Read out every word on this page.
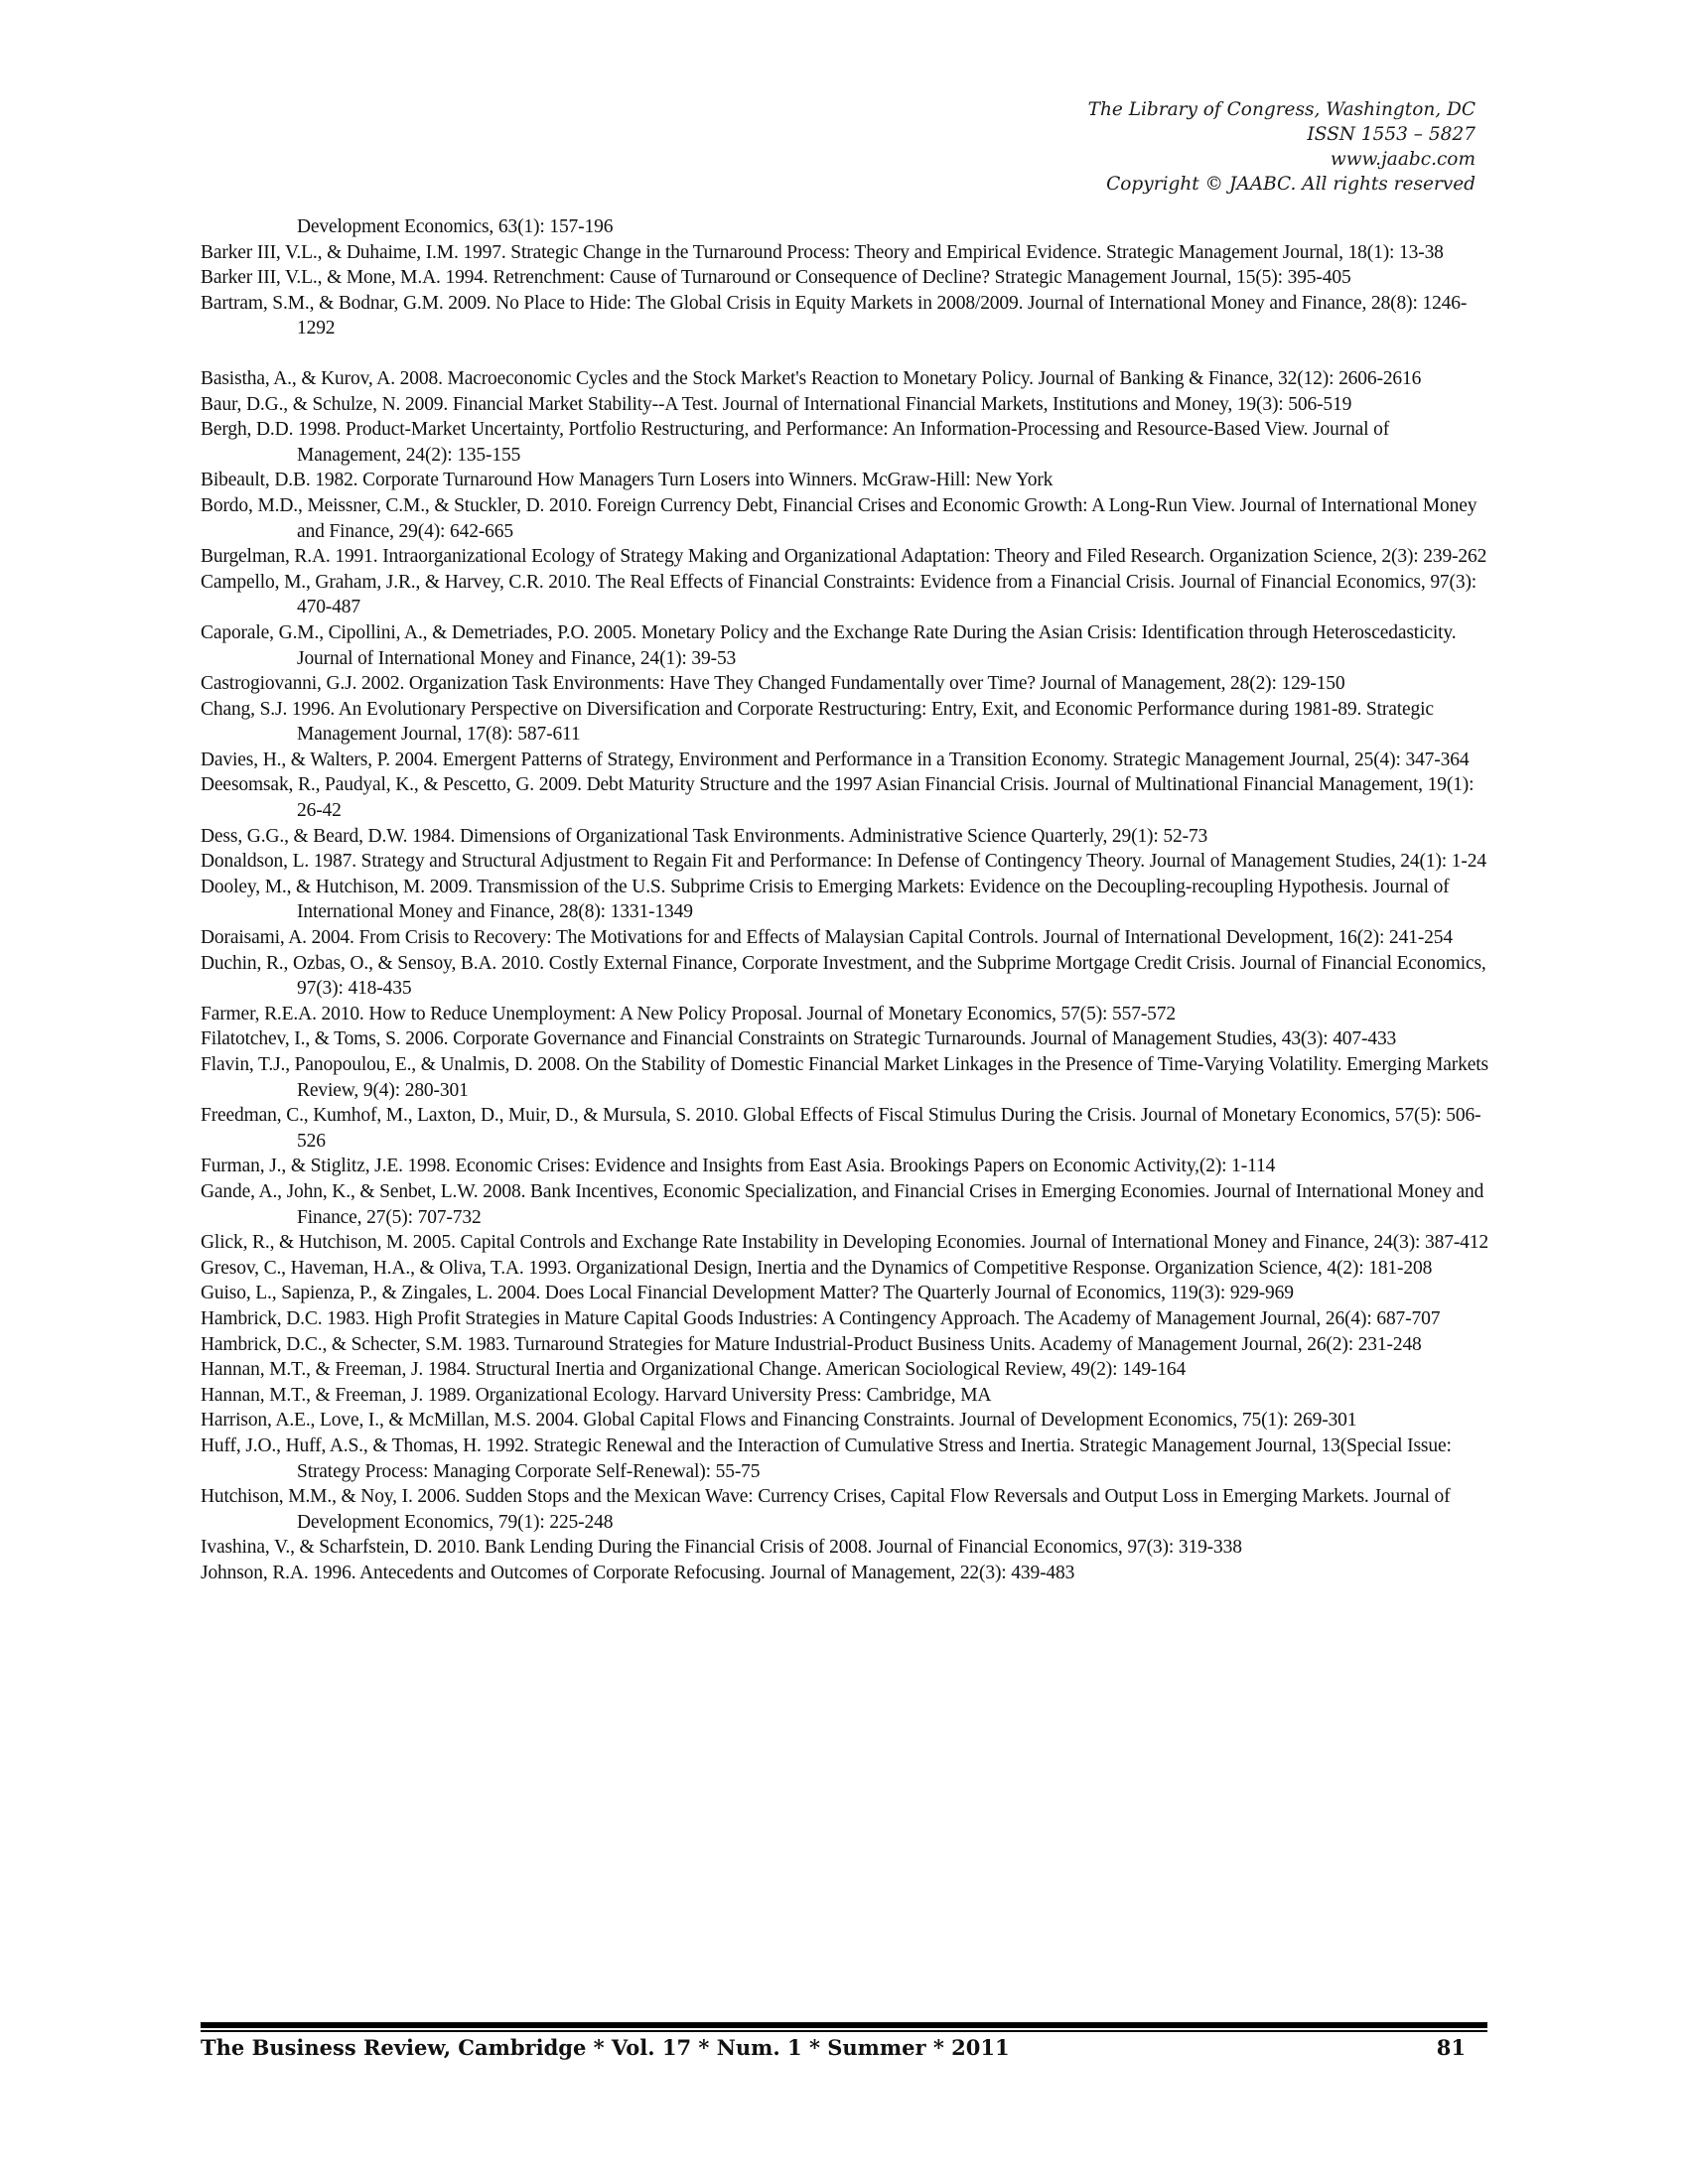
The Library of Congress, Washington, DC
ISSN 1553 – 5827
www.jaabc.com
Copyright © JAABC. All rights reserved

Development Economics, 63(1): 157-196

Barker III, V.L., & Duhaime, I.M. 1997. Strategic Change in the Turnaround Process: Theory and Empirical Evidence. Strategic Management Journal, 18(1): 13-38

Barker III, V.L., & Mone, M.A. 1994. Retrenchment: Cause of Turnaround or Consequence of Decline? Strategic Management Journal, 15(5): 395-405

Bartram, S.M., & Bodnar, G.M. 2009. No Place to Hide: The Global Crisis in Equity Markets in 2008/2009. Journal of International Money and Finance, 28(8): 1246-1292

Basistha, A., & Kurov, A. 2008. Macroeconomic Cycles and the Stock Market's Reaction to Monetary Policy. Journal of Banking & Finance, 32(12): 2606-2616

Baur, D.G., & Schulze, N. 2009. Financial Market Stability--A Test. Journal of International Financial Markets, Institutions and Money, 19(3): 506-519

Bergh, D.D. 1998. Product-Market Uncertainty, Portfolio Restructuring, and Performance: An Information-Processing and Resource-Based View. Journal of Management, 24(2): 135-155

Bibeault, D.B. 1982. Corporate Turnaround How Managers Turn Losers into Winners. McGraw-Hill: New York

Bordo, M.D., Meissner, C.M., & Stuckler, D. 2010. Foreign Currency Debt, Financial Crises and Economic Growth: A Long-Run View. Journal of International Money and Finance, 29(4): 642-665

Burgelman, R.A. 1991. Intraorganizational Ecology of Strategy Making and Organizational Adaptation: Theory and Filed Research. Organization Science, 2(3): 239-262

Campello, M., Graham, J.R., & Harvey, C.R. 2010. The Real Effects of Financial Constraints: Evidence from a Financial Crisis. Journal of Financial Economics, 97(3): 470-487

Caporale, G.M., Cipollini, A., & Demetriades, P.O. 2005. Monetary Policy and the Exchange Rate During the Asian Crisis: Identification through Heteroscedasticity. Journal of International Money and Finance, 24(1): 39-53

Castrogiovanni, G.J. 2002. Organization Task Environments: Have They Changed Fundamentally over Time? Journal of Management, 28(2): 129-150

Chang, S.J. 1996. An Evolutionary Perspective on Diversification and Corporate Restructuring: Entry, Exit, and Economic Performance during 1981-89. Strategic Management Journal, 17(8): 587-611

Davies, H., & Walters, P. 2004. Emergent Patterns of Strategy, Environment and Performance in a Transition Economy. Strategic Management Journal, 25(4): 347-364

Deesomsak, R., Paudyal, K., & Pescetto, G. 2009. Debt Maturity Structure and the 1997 Asian Financial Crisis. Journal of Multinational Financial Management, 19(1): 26-42

Dess, G.G., & Beard, D.W. 1984. Dimensions of Organizational Task Environments. Administrative Science Quarterly, 29(1): 52-73

Donaldson, L. 1987. Strategy and Structural Adjustment to Regain Fit and Performance: In Defense of Contingency Theory. Journal of Management Studies, 24(1): 1-24

Dooley, M., & Hutchison, M. 2009. Transmission of the U.S. Subprime Crisis to Emerging Markets: Evidence on the Decoupling-recoupling Hypothesis. Journal of International Money and Finance, 28(8): 1331-1349

Doraisami, A. 2004. From Crisis to Recovery: The Motivations for and Effects of Malaysian Capital Controls. Journal of International Development, 16(2): 241-254

Duchin, R., Ozbas, O., & Sensoy, B.A. 2010. Costly External Finance, Corporate Investment, and the Subprime Mortgage Credit Crisis. Journal of Financial Economics, 97(3): 418-435

Farmer, R.E.A. 2010. How to Reduce Unemployment: A New Policy Proposal. Journal of Monetary Economics, 57(5): 557-572

Filatotchev, I., & Toms, S. 2006. Corporate Governance and Financial Constraints on Strategic Turnarounds. Journal of Management Studies, 43(3): 407-433

Flavin, T.J., Panopoulou, E., & Unalmis, D. 2008. On the Stability of Domestic Financial Market Linkages in the Presence of Time-Varying Volatility. Emerging Markets Review, 9(4): 280-301

Freedman, C., Kumhof, M., Laxton, D., Muir, D., & Mursula, S. 2010. Global Effects of Fiscal Stimulus During the Crisis. Journal of Monetary Economics, 57(5): 506-526

Furman, J., & Stiglitz, J.E. 1998. Economic Crises: Evidence and Insights from East Asia. Brookings Papers on Economic Activity,(2): 1-114

Gande, A., John, K., & Senbet, L.W. 2008. Bank Incentives, Economic Specialization, and Financial Crises in Emerging Economies. Journal of International Money and Finance, 27(5): 707-732

Glick, R., & Hutchison, M. 2005. Capital Controls and Exchange Rate Instability in Developing Economies. Journal of International Money and Finance, 24(3): 387-412

Gresov, C., Haveman, H.A., & Oliva, T.A. 1993. Organizational Design, Inertia and the Dynamics of Competitive Response. Organization Science, 4(2): 181-208

Guiso, L., Sapienza, P., & Zingales, L. 2004. Does Local Financial Development Matter? The Quarterly Journal of Economics, 119(3): 929-969

Hambrick, D.C. 1983. High Profit Strategies in Mature Capital Goods Industries: A Contingency Approach. The Academy of Management Journal, 26(4): 687-707

Hambrick, D.C., & Schecter, S.M. 1983. Turnaround Strategies for Mature Industrial-Product Business Units. Academy of Management Journal, 26(2): 231-248

Hannan, M.T., & Freeman, J. 1984. Structural Inertia and Organizational Change. American Sociological Review, 49(2): 149-164

Hannan, M.T., & Freeman, J. 1989. Organizational Ecology. Harvard University Press: Cambridge, MA

Harrison, A.E., Love, I., & McMillan, M.S. 2004. Global Capital Flows and Financing Constraints. Journal of Development Economics, 75(1): 269-301

Huff, J.O., Huff, A.S., & Thomas, H. 1992. Strategic Renewal and the Interaction of Cumulative Stress and Inertia. Strategic Management Journal, 13(Special Issue: Strategy Process: Managing Corporate Self-Renewal): 55-75

Hutchison, M.M., & Noy, I. 2006. Sudden Stops and the Mexican Wave: Currency Crises, Capital Flow Reversals and Output Loss in Emerging Markets. Journal of Development Economics, 79(1): 225-248

Ivashina, V., & Scharfstein, D. 2010. Bank Lending During the Financial Crisis of 2008. Journal of Financial Economics, 97(3): 319-338

Johnson, R.A. 1996. Antecedents and Outcomes of Corporate Refocusing. Journal of Management, 22(3): 439-483

The Business Review, Cambridge * Vol. 17 * Num. 1 * Summer * 2011	81
